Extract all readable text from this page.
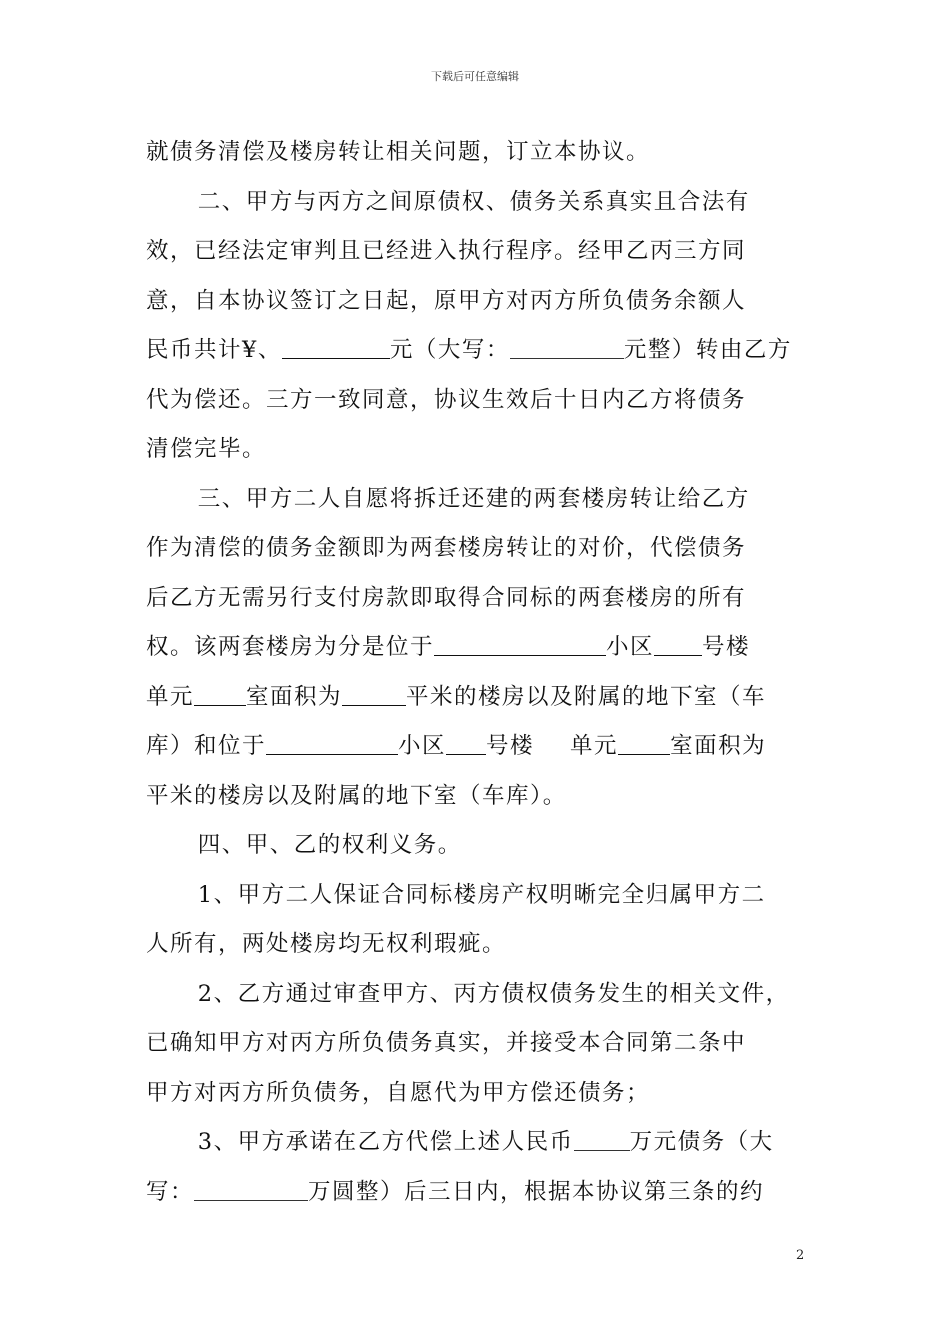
下载后可任意编辑

就债务清偿及楼房转让相关问题，订立本协议。

二、甲方与丙方之间原债权、债务关系真实且合法有
效，已经法定审判且已经进入执行程序。经甲乙丙三方同
意，自本协议签订之日起，原甲方对丙方所负债务余额人
民币共计¥、	元（大写：	元整）转由乙方
代为偿还。三方一致同意，协议生效后十日内乙方将债务
清偿完毕。

三、甲方二人自愿将拆迁还建的两套楼房转让给乙方
作为清偿的债务金额即为两套楼房转让的对价，代偿债务
后乙方无需另行支付房款即取得合同标的两套楼房的所有
权。该两套楼房为分是位于	小区 号楼
单元 室面积为	平米的楼房以及附属的地下室（车
库）和位于	小区 号楼 单元 室面积为
平米的楼房以及附属的地下室（车库）。

四、甲、乙的权利义务。

1、甲方二人保证合同标楼房产权明晰完全归属甲方二
人所有，两处楼房均无权利瑕疵。

2、乙方通过审查甲方、丙方债权债务发生的相关文件，
已确知甲方对丙方所负债务真实，并接受本合同第二条中
甲方对丙方所负债务，自愿代为甲方偿还债务；

3、甲方承诺在乙方代偿上述人民币 万元债务（大
写：	万圆整）后三日内，根据本协议第三条的约

2
